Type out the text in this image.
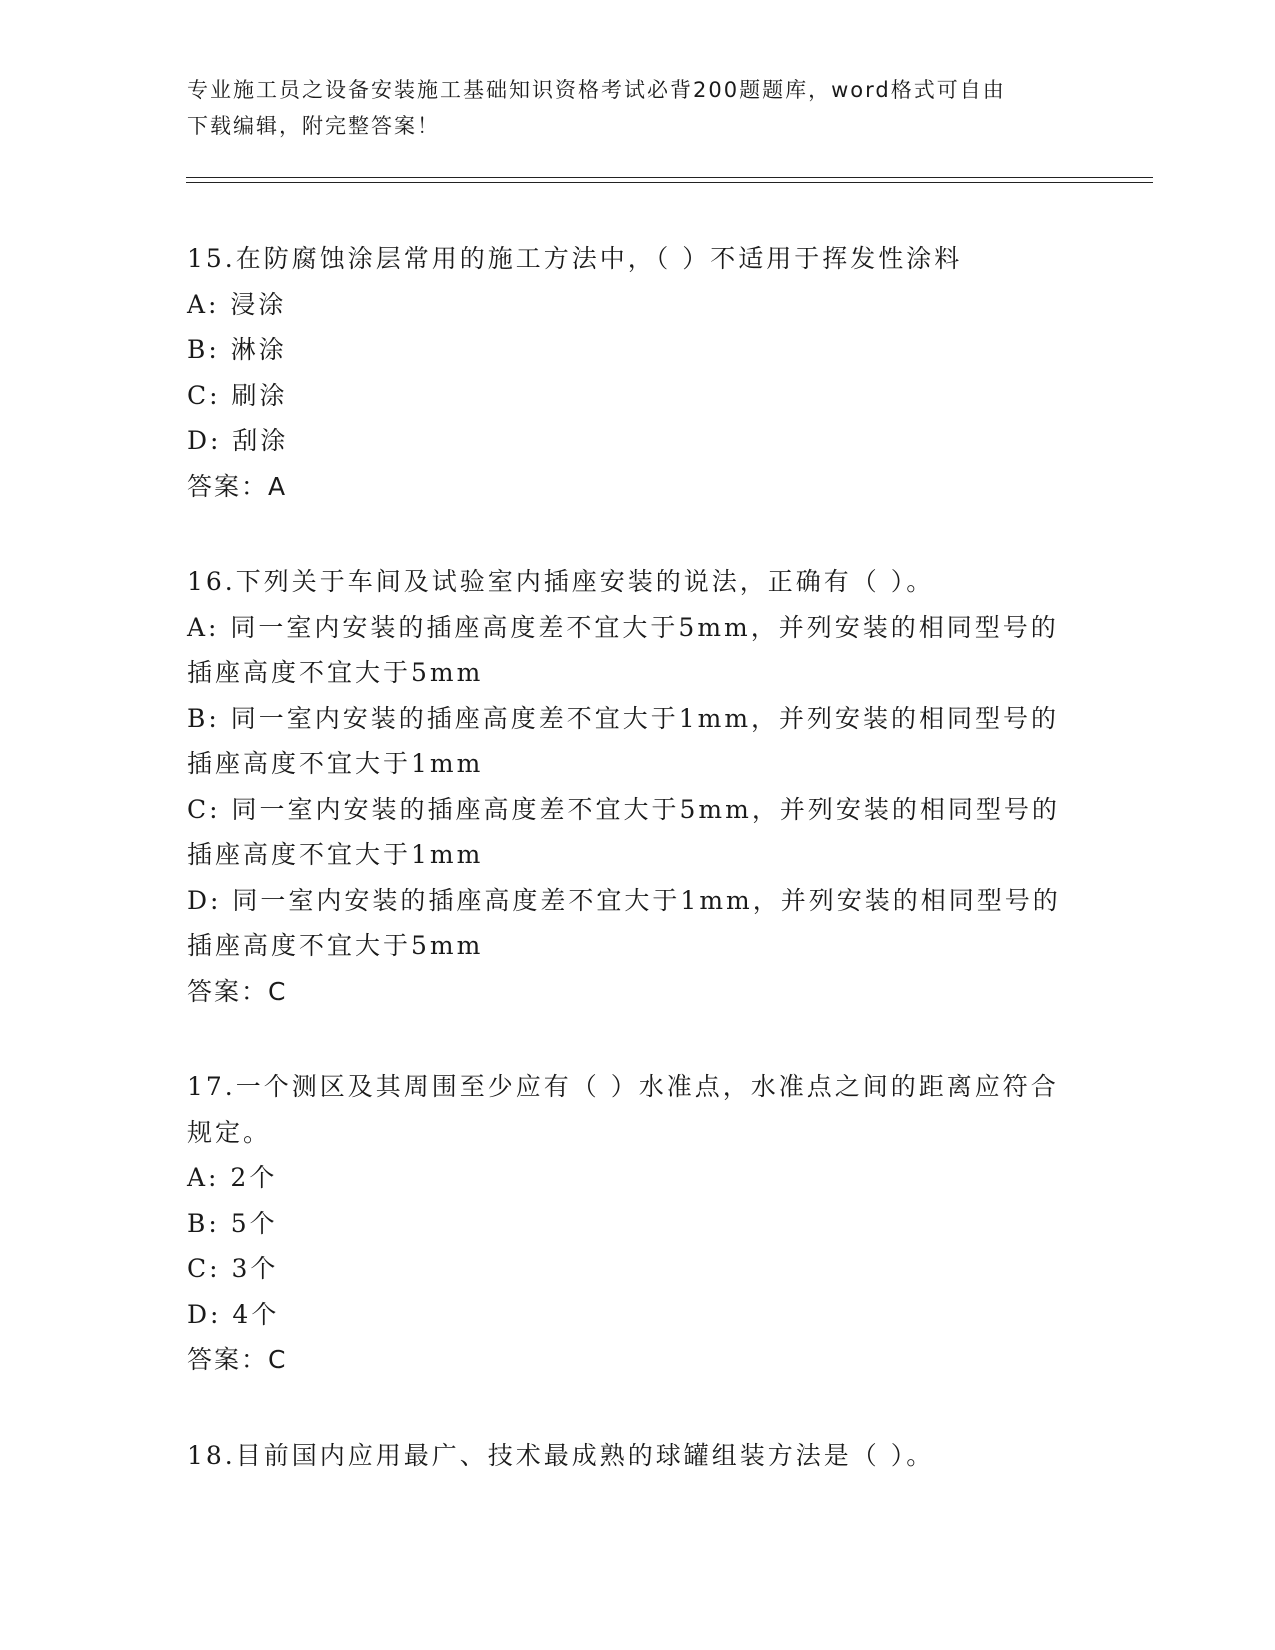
专业施工员之设备安装施工基础知识资格考试必背200题题库，word格式可自由
下载编辑，附完整答案！
15.在防腐蚀涂层常用的施工方法中，（ ）不适用于挥发性涂料
A: 浸涂
B: 淋涂
C: 刷涂
D: 刮涂
答案：A
16.下列关于车间及试验室内插座安装的说法，正确有（ ）。
A: 同一室内安装的插座高度差不宜大于5mm，并列安装的相同型号的插座高度不宜大于5mm
B: 同一室内安装的插座高度差不宜大于1mm，并列安装的相同型号的插座高度不宜大于1mm
C: 同一室内安装的插座高度差不宜大于5mm，并列安装的相同型号的插座高度不宜大于1mm
D: 同一室内安装的插座高度差不宜大于1mm，并列安装的相同型号的插座高度不宜大于5mm
答案：C
17.一个测区及其周围至少应有（ ）水准点，水准点之间的距离应符合规定。
A: 2个
B: 5个
C: 3个
D: 4个
答案：C
18.目前国内应用最广、技术最成熟的球罐组装方法是（ ）。
